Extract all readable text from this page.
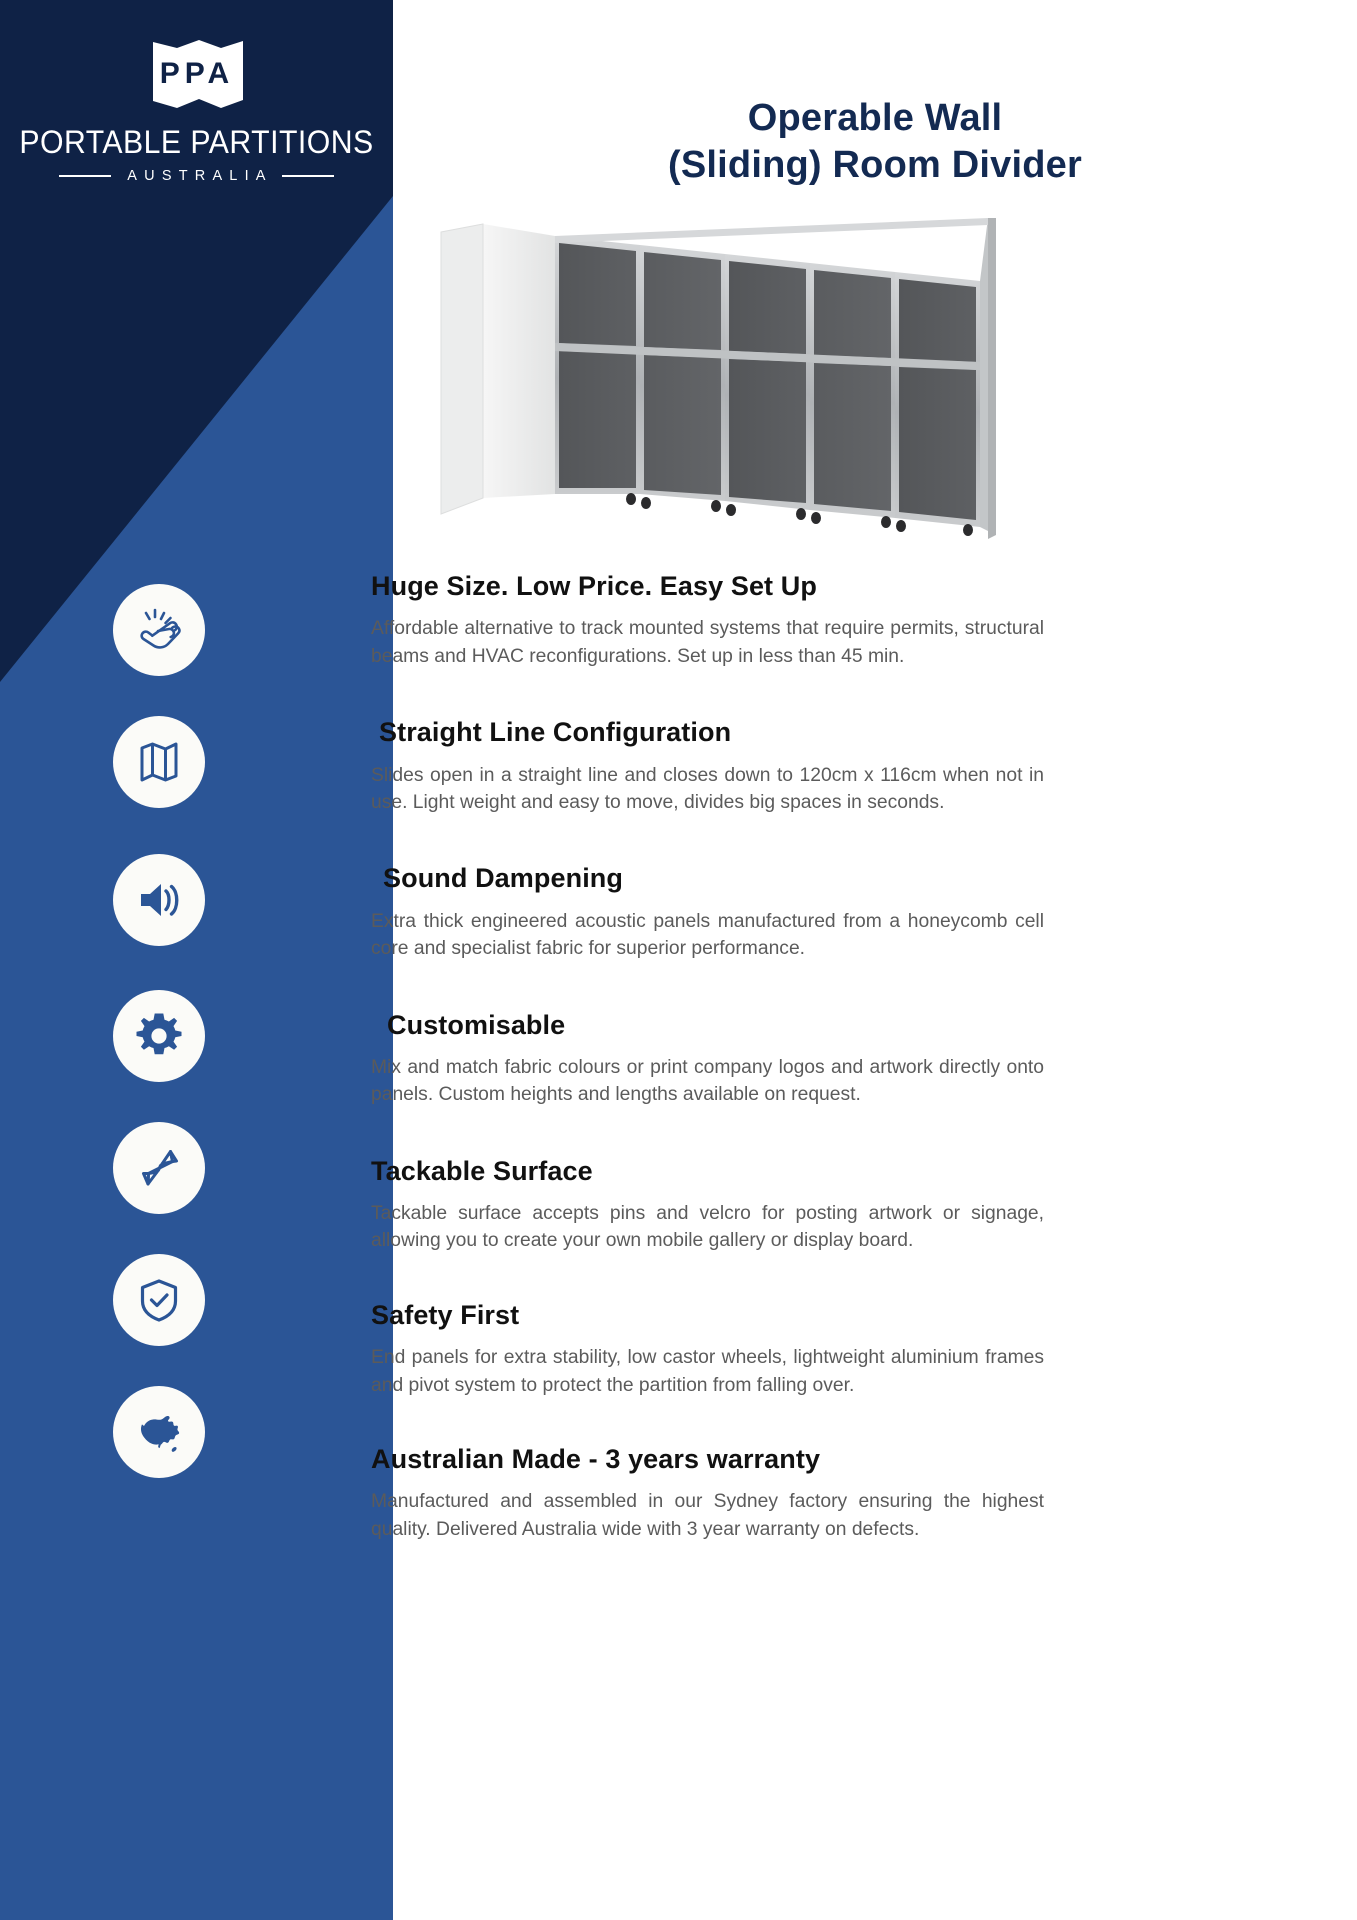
PPA
PORTABLE PARTITIONS
AUSTRALIA
Operable Wall
(Sliding) Room Divider
Huge Size. Low Price. Easy Set Up
Affordable alternative to track mounted systems that require permits, structural beams and HVAC reconfigurations. Set up in less than 45 min.
Straight Line Configuration
Slides open in a straight line and closes down to 120cm x 116cm when not in use. Light weight and easy to move, divides big spaces in seconds.
Sound Dampening
Extra thick engineered acoustic panels manufactured from a honeycomb cell core and specialist fabric for superior performance.
Customisable
Mix and match fabric colours or print company logos and artwork directly onto panels. Custom heights and lengths available on request.
Tackable Surface
Tackable surface accepts pins and velcro for posting artwork or signage, allowing you to create your own mobile gallery or display board.
Safety First
End panels for extra stability, low castor wheels, lightweight aluminium frames and pivot system to protect the partition from falling over.
Australian Made - 3 years warranty
Manufactured and assembled in our Sydney factory ensuring the highest quality. Delivered Australia wide with 3 year warranty on defects.
